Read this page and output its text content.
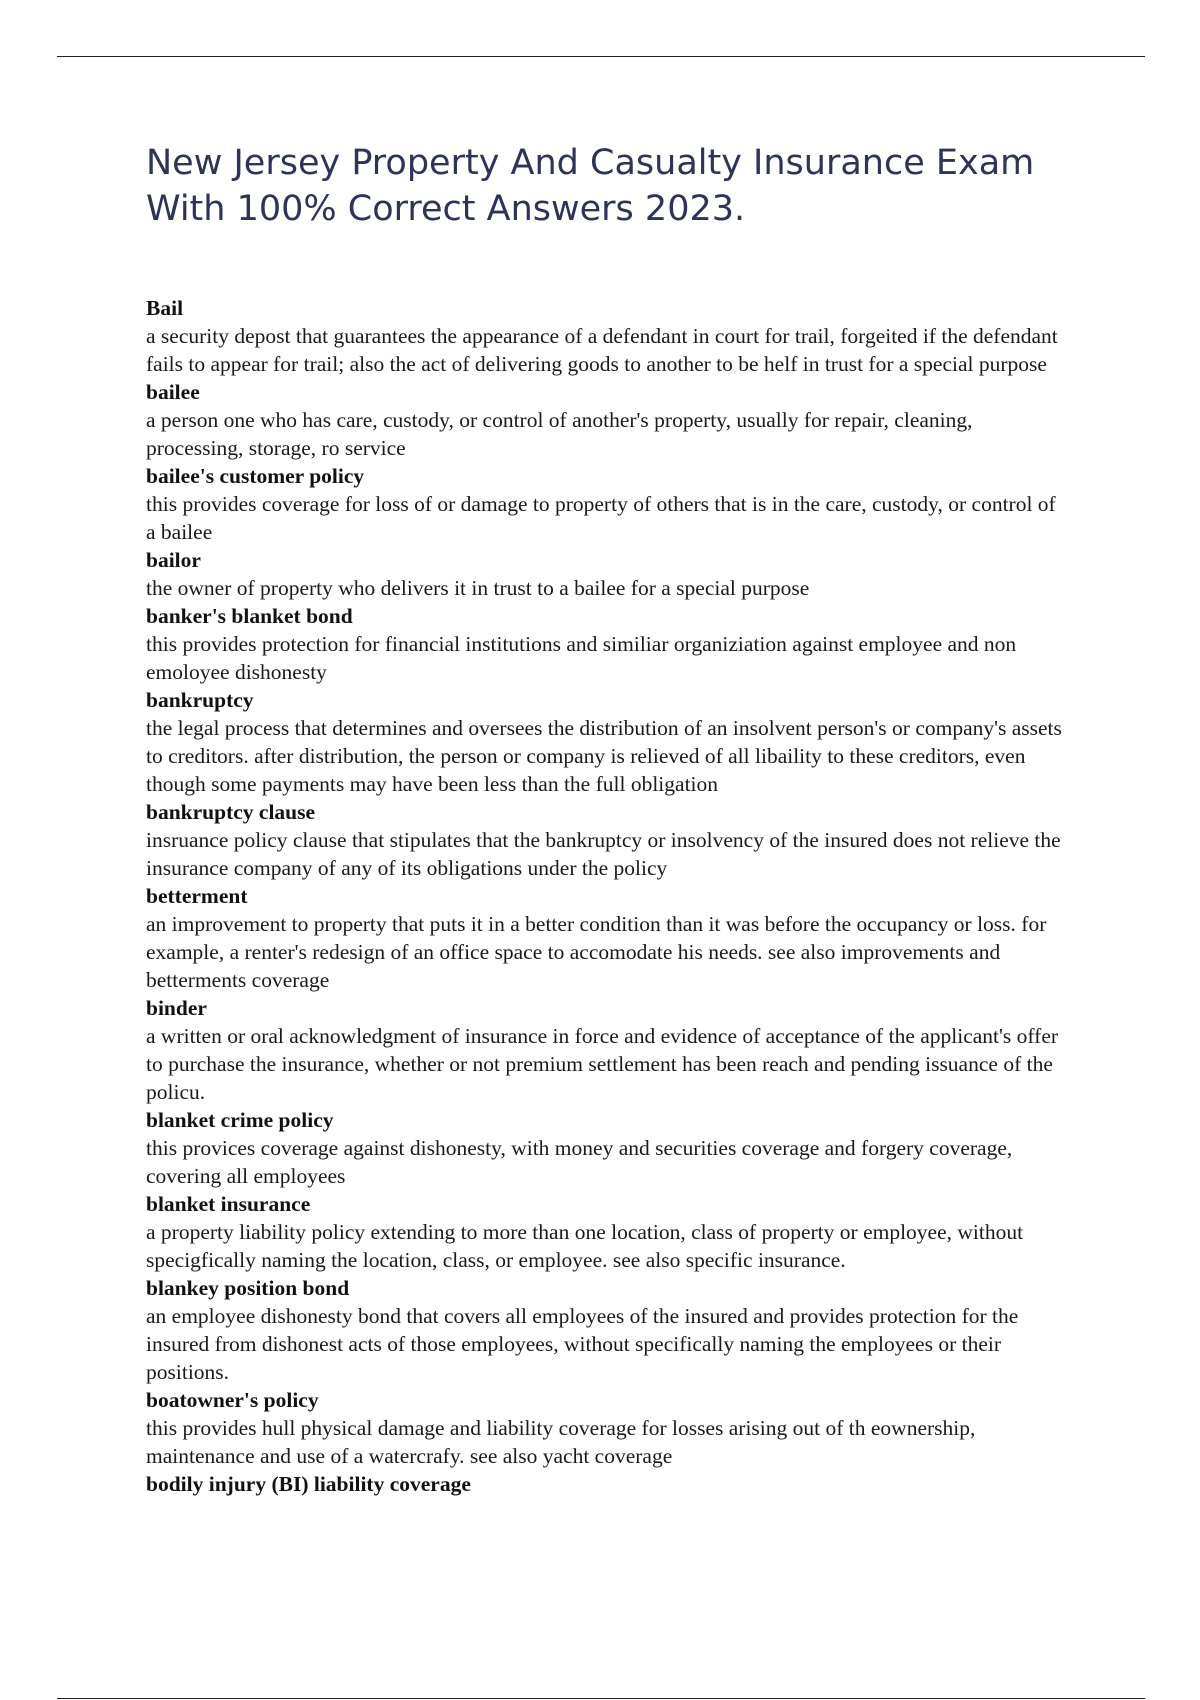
New Jersey Property And Casualty Insurance Exam With 100% Correct Answers 2023.
Bail
a security depost that guarantees the appearance of a defendant in court for trail, forgeited if the defendant fails to appear for trail; also the act of delivering goods to another to be helf in trust for a special purpose
bailee
a person one who has care, custody, or control of another's property, usually for repair, cleaning, processing, storage, ro service
bailee's customer policy
this provides coverage for loss of or damage to property of others that is in the care, custody, or control of a bailee
bailor
the owner of property who delivers it in trust to a bailee for a special purpose
banker's blanket bond
this provides protection for financial institutions and similiar organiziation against employee and non emoloyee dishonesty
bankruptcy
the legal process that determines and oversees the distribution of an insolvent person's or company's assets to creditors. after distribution, the person or company is relieved of all libaility to these creditors, even though some payments may have been less than the full obligation
bankruptcy clause
insruance policy clause that stipulates that the bankruptcy or insolvency of the insured does not relieve the insurance company of any of its obligations under the policy
betterment
an improvement to property that puts it in a better condition than it was before the occupancy or loss. for example, a renter's redesign of an office space to accomodate his needs. see also improvements and betterments coverage
binder
a written or oral acknowledgment of insurance in force and evidence of acceptance of the applicant's offer to purchase the insurance, whether or not premium settlement has been reach and pending issuance of the policu.
blanket crime policy
this provices coverage against dishonesty, with money and securities coverage and forgery coverage, covering all employees
blanket insurance
a property liability policy extending to more than one location, class of property or employee, without specigfically naming the location, class, or employee. see also specific insurance.
blankey position bond
an employee dishonesty bond that covers all employees of the insured and provides protection for the insured from dishonest acts of those employees, without specifically naming the employees or their positions.
boatowner's policy
this provides hull physical damage and liability coverage for losses arising out of th eownership, maintenance and use of a watercrafy. see also yacht coverage
bodily injury (BI) liability coverage
